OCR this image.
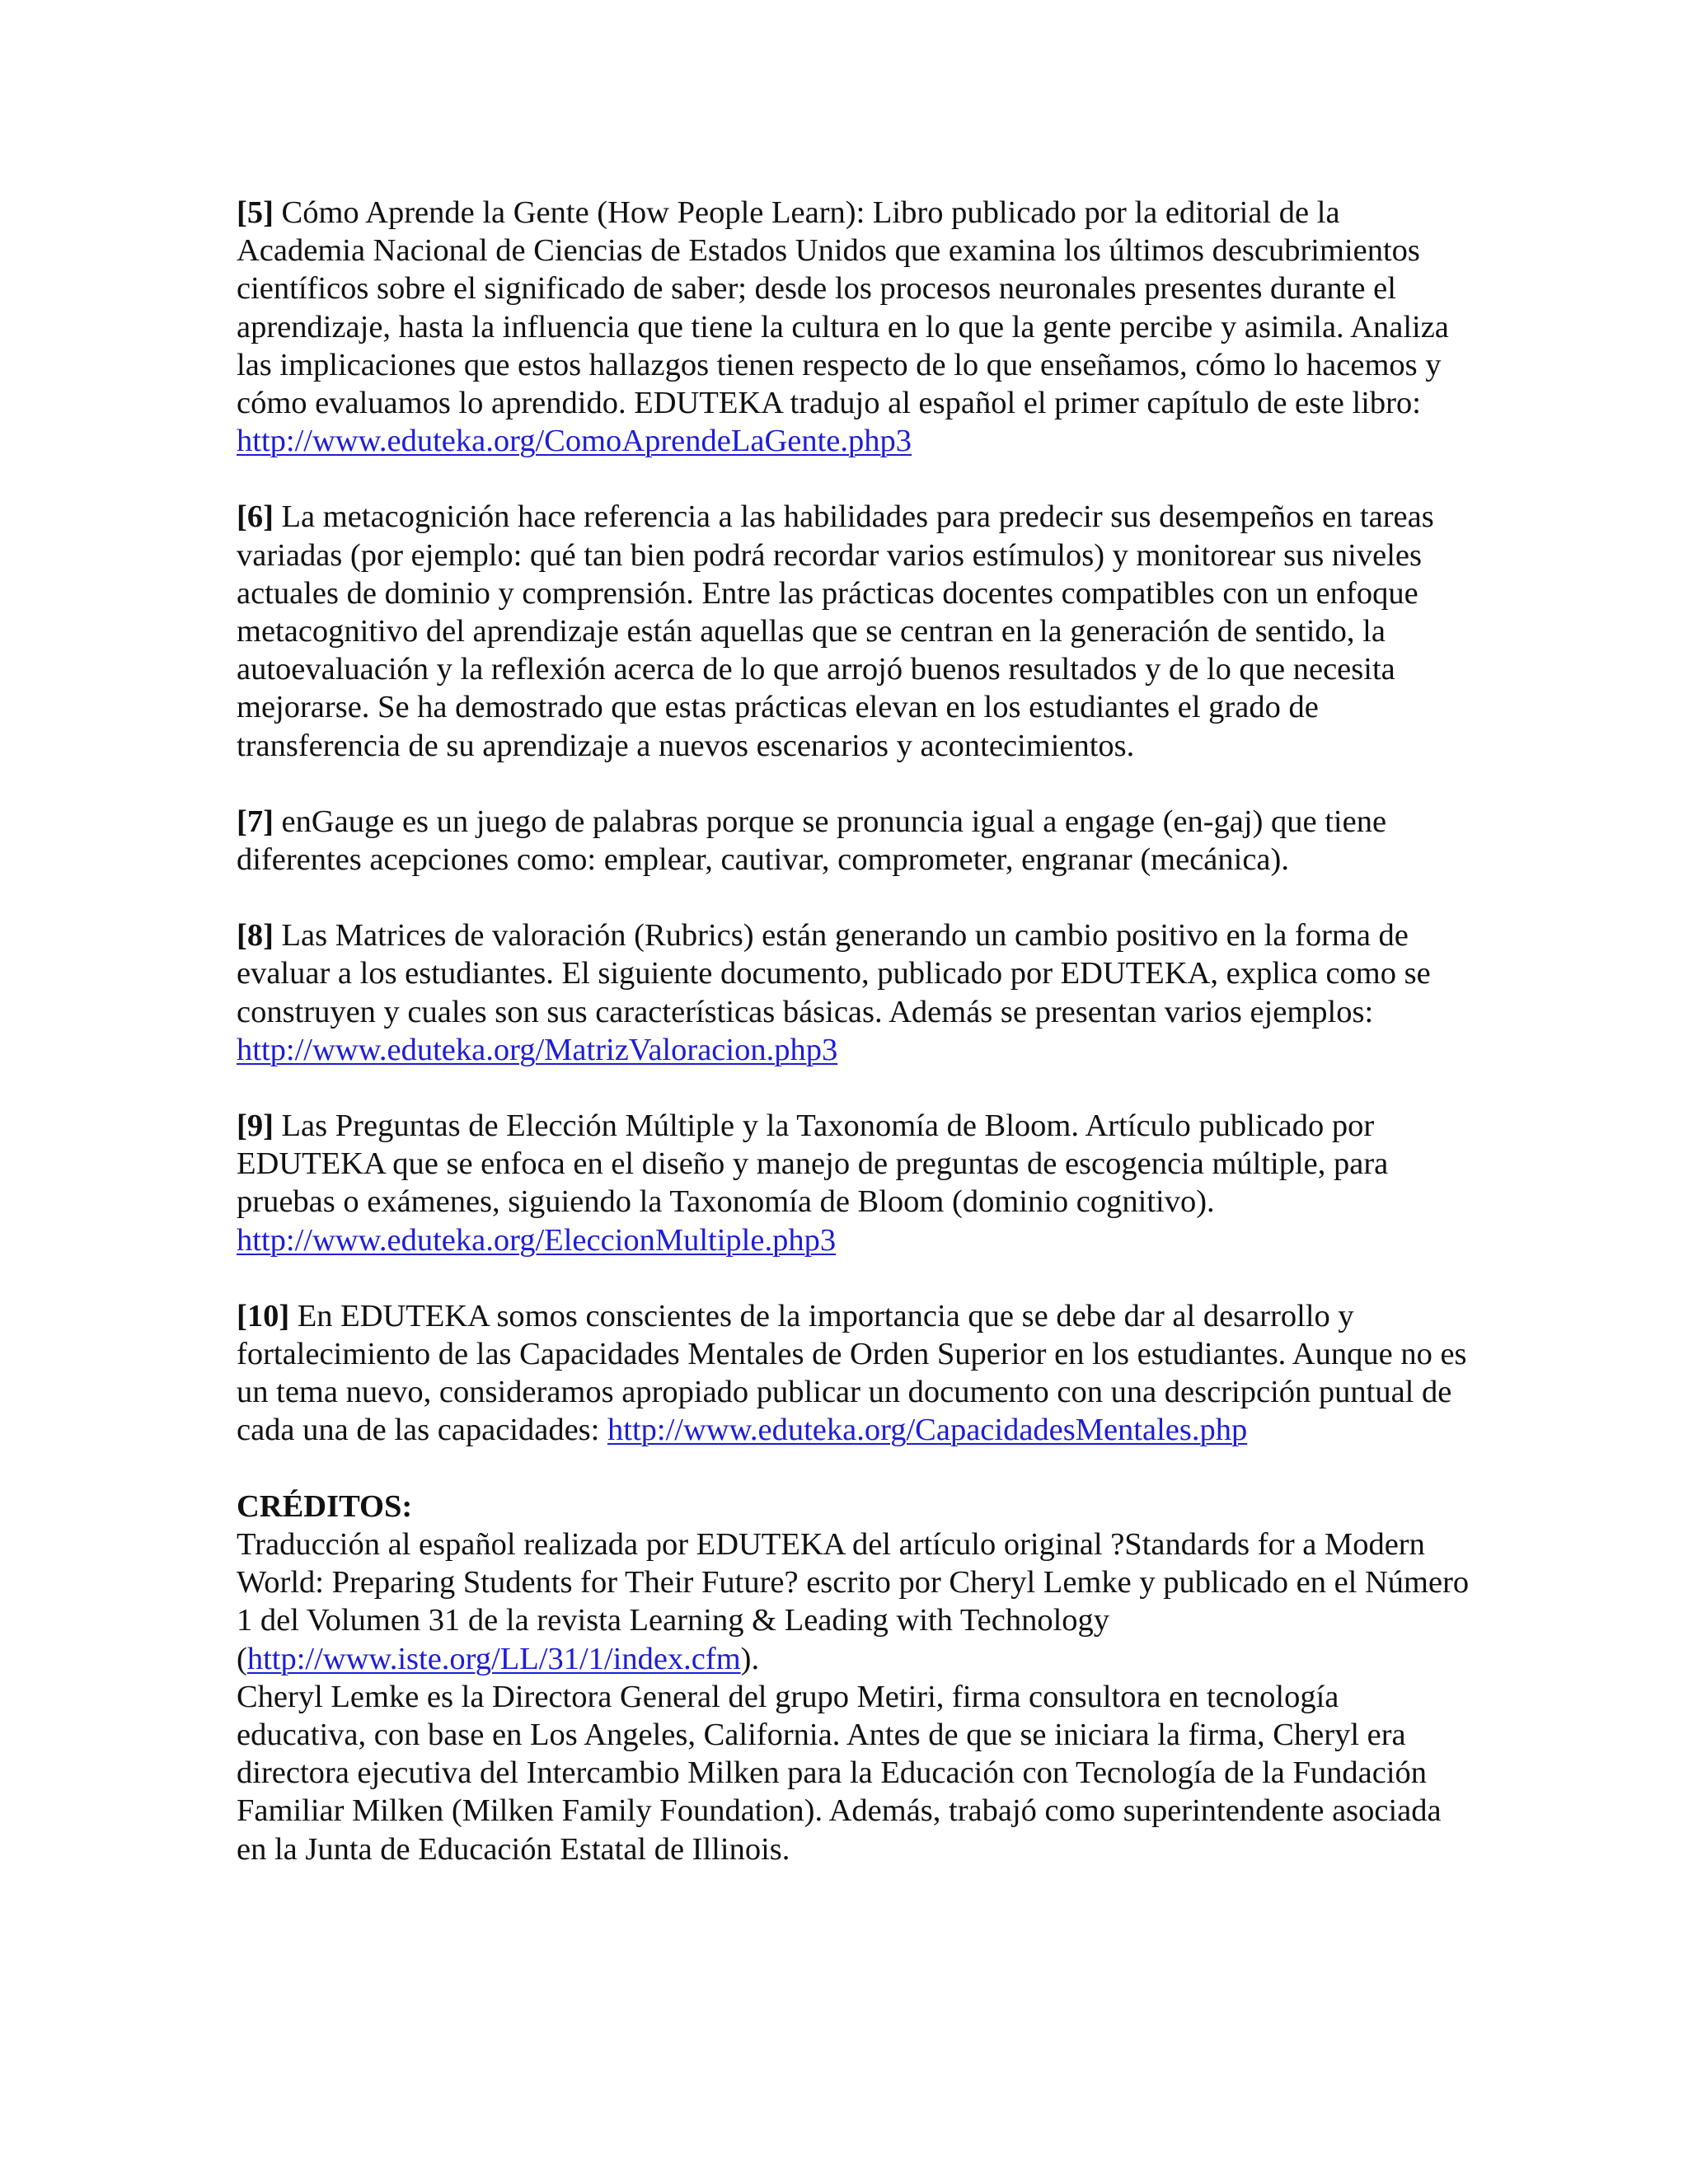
[5] Cómo Aprende la Gente (How People Learn): Libro publicado por la editorial de la Academia Nacional de Ciencias de Estados Unidos que examina los últimos descubrimientos científicos sobre el significado de saber; desde los procesos neuronales presentes durante el aprendizaje, hasta la influencia que tiene la cultura en lo que la gente percibe y asimila. Analiza las implicaciones que estos hallazgos tienen respecto de lo que enseñamos, cómo lo hacemos y cómo evaluamos lo aprendido. EDUTEKA tradujo al español el primer capítulo de este libro:
http://www.eduteka.org/ComoAprendeLaGente.php3

[6] La metacognición hace referencia a las habilidades para predecir sus desempeños en tareas variadas (por ejemplo: qué tan bien podrá recordar varios estímulos) y monitorear sus niveles actuales de dominio y comprensión. Entre las prácticas docentes compatibles con un enfoque metacognitivo del aprendizaje están aquellas que se centran en la generación de sentido, la autoevaluación y la reflexión acerca de lo que arrojó buenos resultados y de lo que necesita mejorarse. Se ha demostrado que estas prácticas elevan en los estudiantes el grado de transferencia de su aprendizaje a nuevos escenarios y acontecimientos.

[7] enGauge es un juego de palabras porque se pronuncia igual a engage (en-gaj) que tiene diferentes acepciones como: emplear, cautivar, comprometer, engranar (mecánica).

[8] Las Matrices de valoración (Rubrics) están generando un cambio positivo en la forma de evaluar a los estudiantes. El siguiente documento, publicado por EDUTEKA, explica como se construyen y cuales son sus características básicas. Además se presentan varios ejemplos: http://www.eduteka.org/MatrizValoracion.php3

[9] Las Preguntas de Elección Múltiple y la Taxonomía de Bloom. Artículo publicado por EDUTEKA que se enfoca en el diseño y manejo de preguntas de escogencia múltiple, para pruebas o exámenes, siguiendo la Taxonomía de Bloom (dominio cognitivo).
http://www.eduteka.org/EleccionMultiple.php3

[10] En EDUTEKA somos conscientes de la importancia que se debe dar al desarrollo y fortalecimiento de las Capacidades Mentales de Orden Superior en los estudiantes. Aunque no es un tema nuevo, consideramos apropiado publicar un documento con una descripción puntual de cada una de las capacidades: http://www.eduteka.org/CapacidadesMentales.php

CRÉDITOS:

Traducción al español realizada por EDUTEKA del artículo original ?Standards for a Modern World: Preparing Students for Their Future? escrito por Cheryl Lemke y publicado en el Número 1 del Volumen 31 de la revista Learning & Leading with Technology (http://www.iste.org/LL/31/1/index.cfm).

Cheryl Lemke es la Directora General del grupo Metiri, firma consultora en tecnología educativa, con base en Los Angeles, California. Antes de que se iniciara la firma, Cheryl era directora ejecutiva del Intercambio Milken para la Educación con Tecnología de la Fundación Familiar Milken (Milken Family Foundation). Además, trabajó como superintendente asociada en la Junta de Educación Estatal de Illinois.
